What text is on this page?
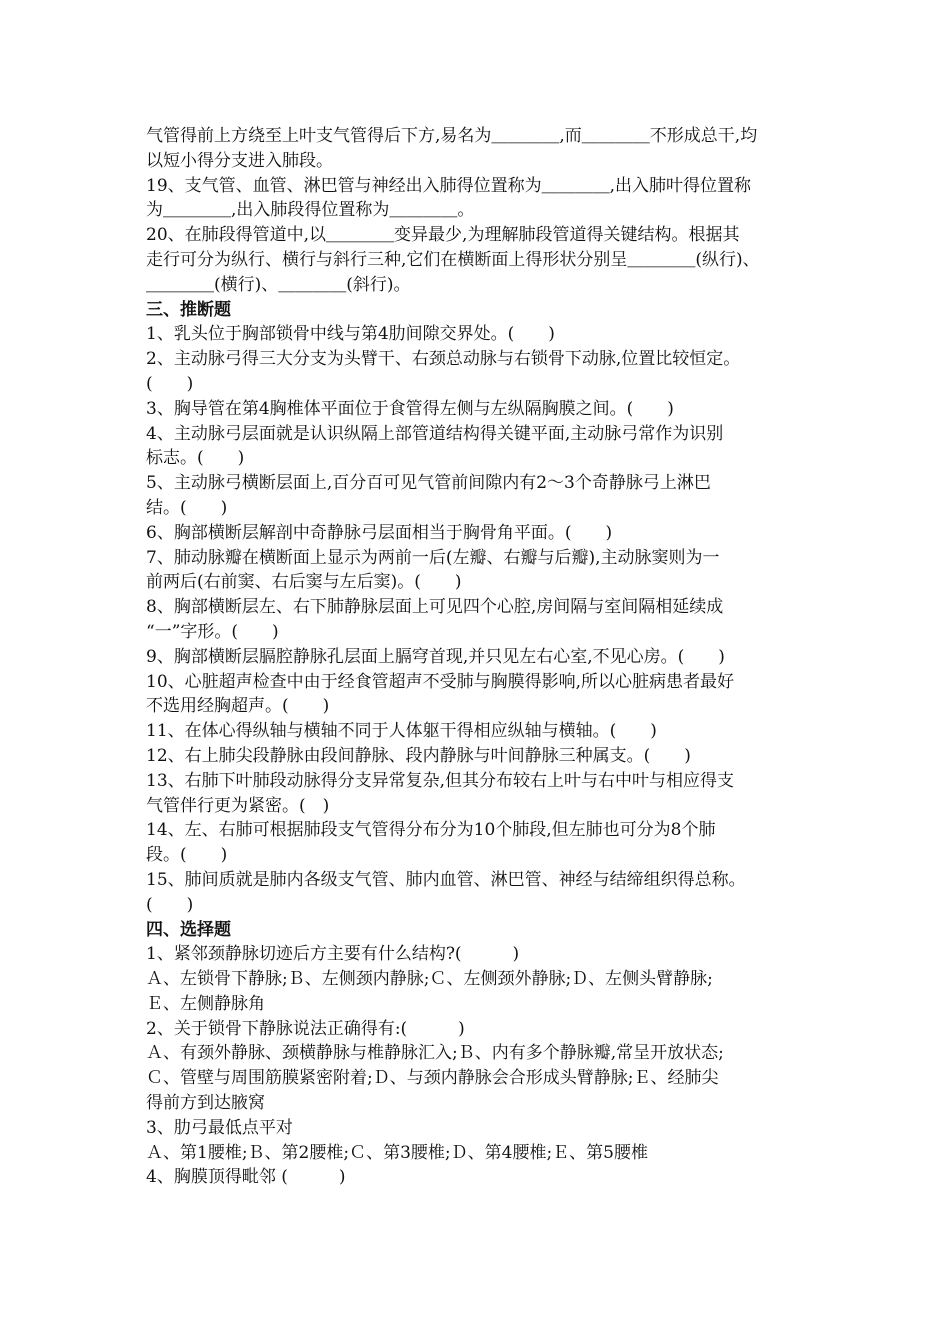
气管得前上方绕至上叶支气管得后下方,易名为＿＿＿＿,而＿＿＿＿不形成总干,均
以短小得分支进入肺段。
19、支气管、血管、淋巴管与神经出入肺得位置称为＿＿＿＿,出入肺叶得位置称
为＿＿＿＿,出入肺段得位置称为＿＿＿＿。
20、在肺段得管道中,以＿＿＿＿变异最少,为理解肺段管道得关键结构。根据其
走行可分为纵行、横行与斜行三种,它们在横断面上得形状分别呈＿＿＿＿(纵行)、
＿＿＿＿(横行)、＿＿＿＿(斜行)。
三、推断题
1、乳头位于胸部锁骨中线与第4肋间隙交界处。(　　)
2、主动脉弓得三大分支为头臂干、右颈总动脉与右锁骨下动脉,位置比较恒定。
(　　)
3、胸导管在第4胸椎体平面位于食管得左侧与左纵隔胸膜之间。(　　)
4、主动脉弓层面就是认识纵隔上部管道结构得关键平面,主动脉弓常作为识别
标志。(　　)
5、主动脉弓横断层面上,百分百可见气管前间隙内有2～3个奇静脉弓上淋巴
结。(　　)
6、胸部横断层解剖中奇静脉弓层面相当于胸骨角平面。(　　)
7、肺动脉瓣在横断面上显示为两前一后(左瓣、右瓣与后瓣),主动脉窦则为一
前两后(右前窦、右后窦与左后窦)。(　　)
8、胸部横断层左、右下肺静脉层面上可见四个心腔,房间隔与室间隔相延续成
“一”字形。(　　)
9、胸部横断层膈腔静脉孔层面上膈穹首现,并只见左右心室,不见心房。(　　)
10、心脏超声检查中由于经食管超声不受肺与胸膜得影响,所以心脏病患者最好
不选用经胸超声。(　　)
11、在体心得纵轴与横轴不同于人体躯干得相应纵轴与横轴。(　　)
12、右上肺尖段静脉由段间静脉、段内静脉与叶间静脉三种属支。(　　)
13、右肺下叶肺段动脉得分支异常复杂,但其分布较右上叶与右中叶与相应得支
气管伴行更为紧密。(　)
14、左、右肺可根据肺段支气管得分布分为10个肺段,但左肺也可分为8个肺
段。(　　)
15、肺间质就是肺内各级支气管、肺内血管、淋巴管、神经与结缔组织得总称。
(　　)
四、选择题
1、紧邻颈静脉切迹后方主要有什么结构?(　　　)
Ａ、左锁骨下静脉;Ｂ、左侧颈内静脉;Ｃ、左侧颈外静脉;Ｄ、左侧头臂静脉;
Ｅ、左侧静脉角
2、关于锁骨下静脉说法正确得有:(　　　)
Ａ、有颈外静脉、颈横静脉与椎静脉汇入;Ｂ、内有多个静脉瓣,常呈开放状态;
Ｃ、管壁与周围筋膜紧密附着;Ｄ、与颈内静脉会合形成头臂静脉;Ｅ、经肺尖
得前方到达腋窝
3、肋弓最低点平对
Ａ、第1腰椎;Ｂ、第2腰椎;Ｃ、第3腰椎;Ｄ、第4腰椎;Ｅ、第5腰椎
4、胸膜顶得毗邻 (　　　)
